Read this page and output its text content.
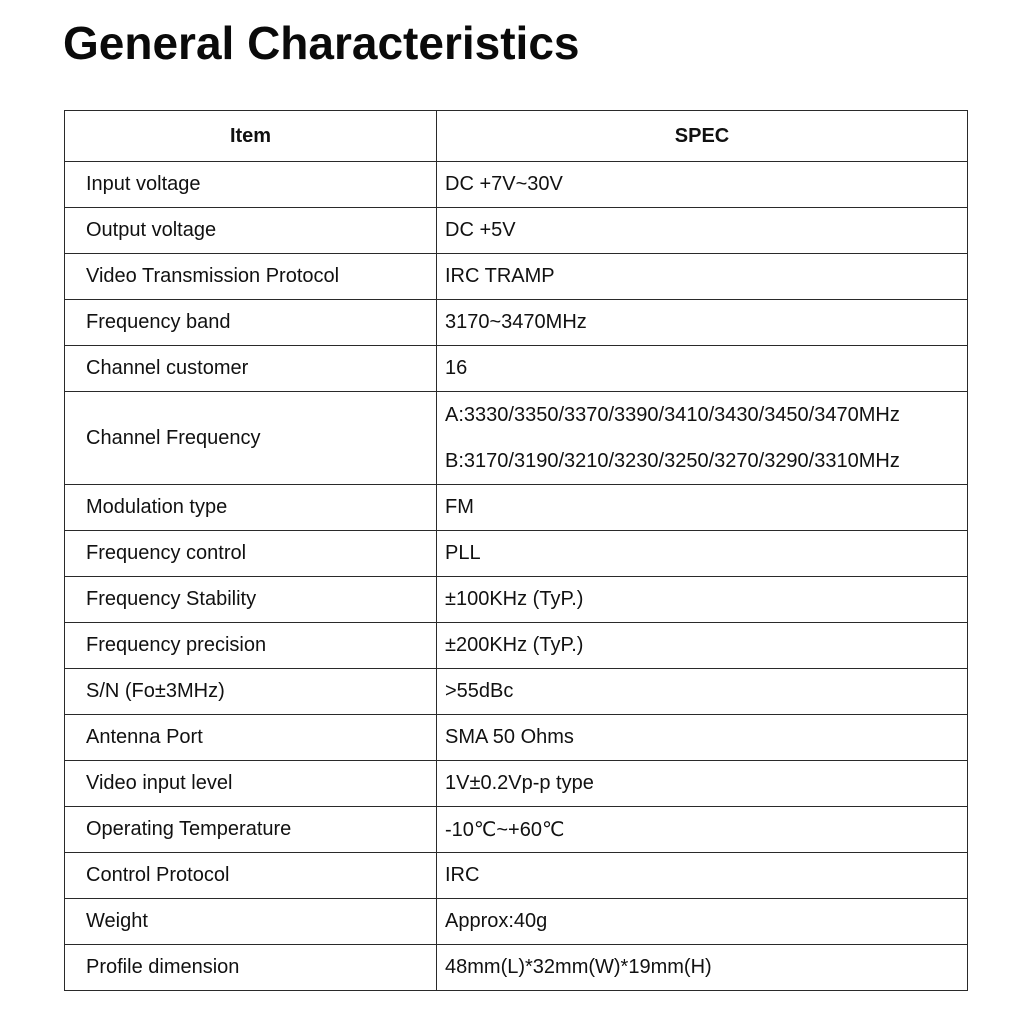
General Characteristics
Item	SPEC
Input voltage	DC +7V~30V
Output voltage	DC +5V
Video Transmission Protocol	IRC TRAMP
Frequency band	3170~3470MHz
Channel customer	16
Channel Frequency	A:3330/3350/3370/3390/3410/3430/3450/3470MHz
B:3170/3190/3210/3230/3250/3270/3290/3310MHz

Modulation type	FM
Frequency control	PLL
Frequency Stability	±100KHz (TyP.)
Frequency precision	±200KHz (TyP.)
S/N (Fo±3MHz)	>55dBc
Antenna Port	SMA 50 Ohms
Video input level	1V±0.2Vp-p type
Operating Temperature	-10℃~+60℃
Control Protocol	IRC
Weight	Approx:40g
Profile dimension	48mm(L)*32mm(W)*19mm(H)
